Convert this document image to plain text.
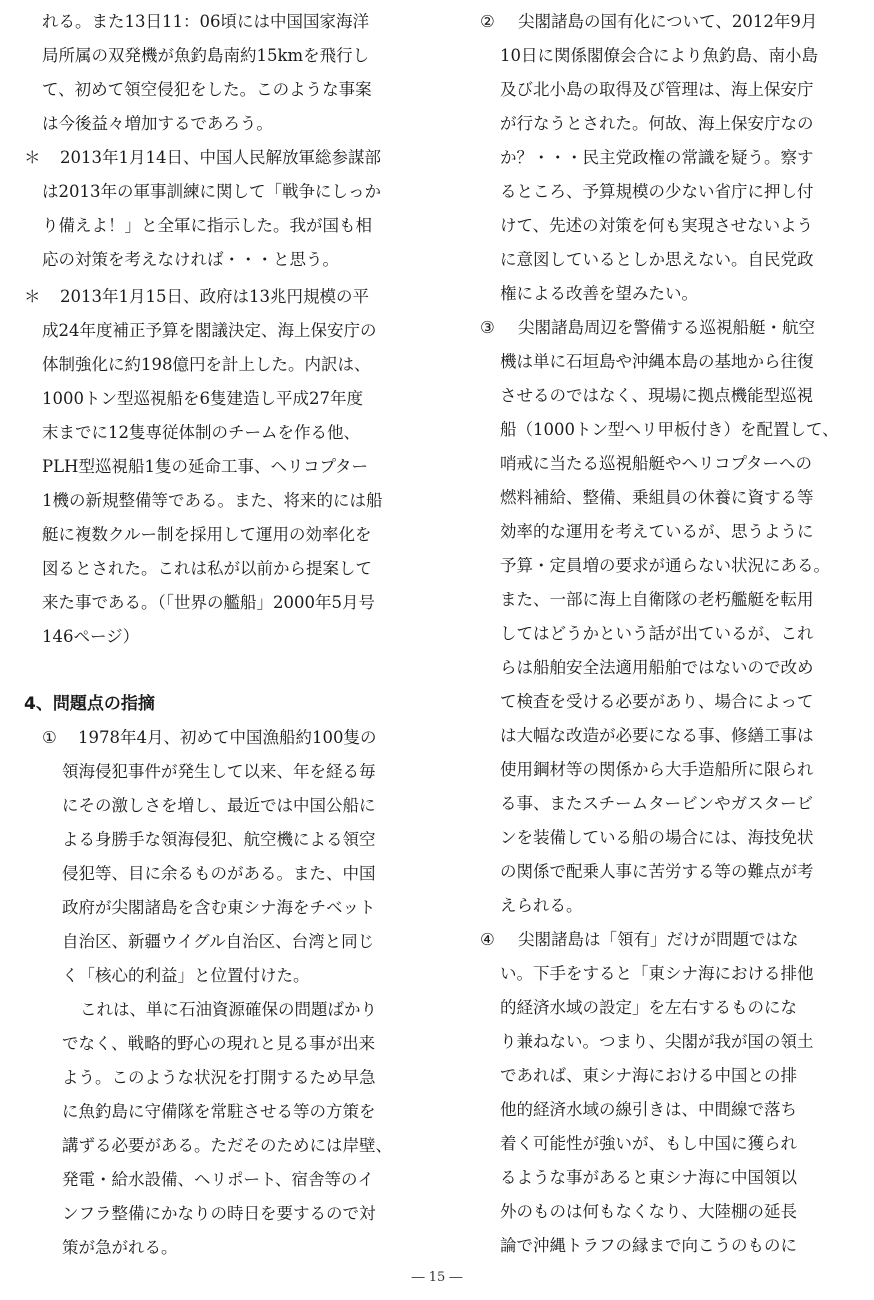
れる。また13日11：06頃には中国国家海洋
局所属の双発機が魚釣島南約15kmを飛行し
て、初めて領空侵犯をした。このような事案
は今後益々増加するであろう。
＊ 2013年1月14日、中国人民解放軍総参謀部
は2013年の軍事訓練に関して「戦争にしっか
り備えよ！」と全軍に指示した。我が国も相
応の対策を考えなければ・・・と思う。
＊ 2013年1月15日、政府は13兆円規模の平
成24年度補正予算を閣議決定、海上保安庁の
体制強化に約198億円を計上した。内訳は、
1000トン型巡視船を6隻建造し平成27年度
末までに12隻専従体制のチームを作る他、
PLH型巡視船1隻の延命工事、ヘリコプター
1機の新規整備等である。また、将来的には船
艇に複数クルー制を採用して運用の効率化を
図るとされた。これは私が以前から提案して
来た事である。（「世界の艦船」2000年5月号
146ページ）
4、問題点の指摘
① 1978年4月、初めて中国漁船約100隻の
領海侵犯事件が発生して以来、年を経る毎
にその激しさを増し、最近では中国公船に
よる身勝手な領海侵犯、航空機による領空
侵犯等、目に余るものがある。また、中国
政府が尖閣諸島を含む東シナ海をチベット
自治区、新疆ウイグル自治区、台湾と同じ
く「核心的利益」と位置付けた。
これは、単に石油資源確保の問題ばかり
でなく、戦略的野心の現れと見る事が出来
よう。このような状況を打開するため早急
に魚釣島に守備隊を常駐させる等の方策を
講ずる必要がある。ただそのためには岸壁、
発電・給水設備、ヘリポート、宿舎等のイ
ンフラ整備にかなりの時日を要するので対
策が急がれる。
② 尖閣諸島の国有化について、2012年9月
10日に関係閣僚会合により魚釣島、南小島
及び北小島の取得及び管理は、海上保安庁
が行なうとされた。何故、海上保安庁なの
か？・・・民主党政権の常識を疑う。察す
るところ、予算規模の少ない省庁に押し付
けて、先述の対策を何も実現させないよう
に意図しているとしか思えない。自民党政
権による改善を望みたい。
③ 尖閣諸島周辺を警備する巡視船艇・航空
機は単に石垣島や沖縄本島の基地から往復
させるのではなく、現場に拠点機能型巡視
船（1000トン型ヘリ甲板付き）を配置して、
哨戒に当たる巡視船艇やヘリコプターへの
燃料補給、整備、乗組員の休養に資する等
効率的な運用を考えているが、思うように
予算・定員増の要求が通らない状況にある。
また、一部に海上自衛隊の老朽艦艇を転用
してはどうかという話が出ているが、これ
らは船舶安全法適用船舶ではないので改め
て検査を受ける必要があり、場合によって
は大幅な改造が必要になる事、修繕工事は
使用鋼材等の関係から大手造船所に限られ
る事、またスチームタービンやガスタービ
ンを装備している船の場合には、海技免状
の関係で配乗人事に苦労する等の難点が考
えられる。
④ 尖閣諸島は「領有」だけが問題ではな
い。下手をすると「東シナ海における排他
的経済水域の設定」を左右するものにな
り兼ねない。つまり、尖閣が我が国の領土
であれば、東シナ海における中国との排
他的経済水域の線引きは、中間線で落ち
着く可能性が強いが、もし中国に獲られ
るような事があると東シナ海に中国領以
外のものは何もなくなり、大陸棚の延長
論で沖縄トラフの縁まで向こうのものに
― 15 ―
